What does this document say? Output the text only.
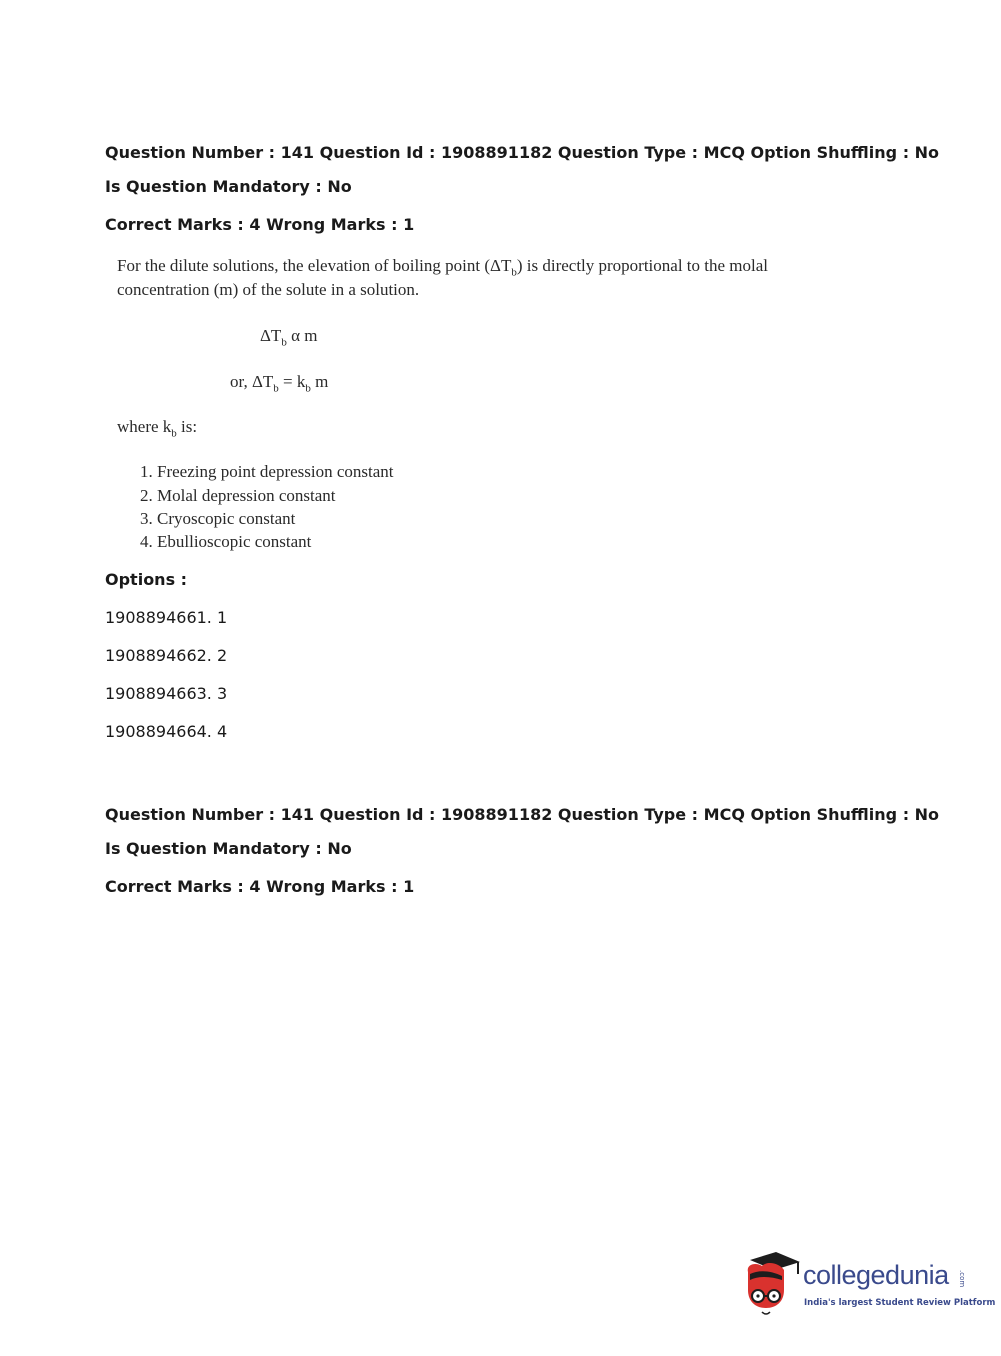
Question Number : 141 Question Id : 1908891182 Question Type : MCQ Option Shuffling : No
Is Question Mandatory : No
Correct Marks : 4 Wrong Marks : 1
For the dilute solutions, the elevation of boiling point $(\Delta T_b)$ is directly proportional to the molal
concentration (m) of the solute in a solution.
$\Delta T_b$ α m
or, $\Delta T_b = k_b$ m
where $k_b$ is:
1. Freezing point depression constant
2. Molal depression constant
3. Cryoscopic constant
4. Ebullioscopic constant
Options :
1908894661. 1
1908894662. 2
1908894663. 3
1908894664. 4
Question Number : 141 Question Id : 1908891182 Question Type : MCQ Option Shuffling : No
Is Question Mandatory : No
Correct Marks : 4 Wrong Marks : 1
collegedunia .com
India's largest Student Review Platform
